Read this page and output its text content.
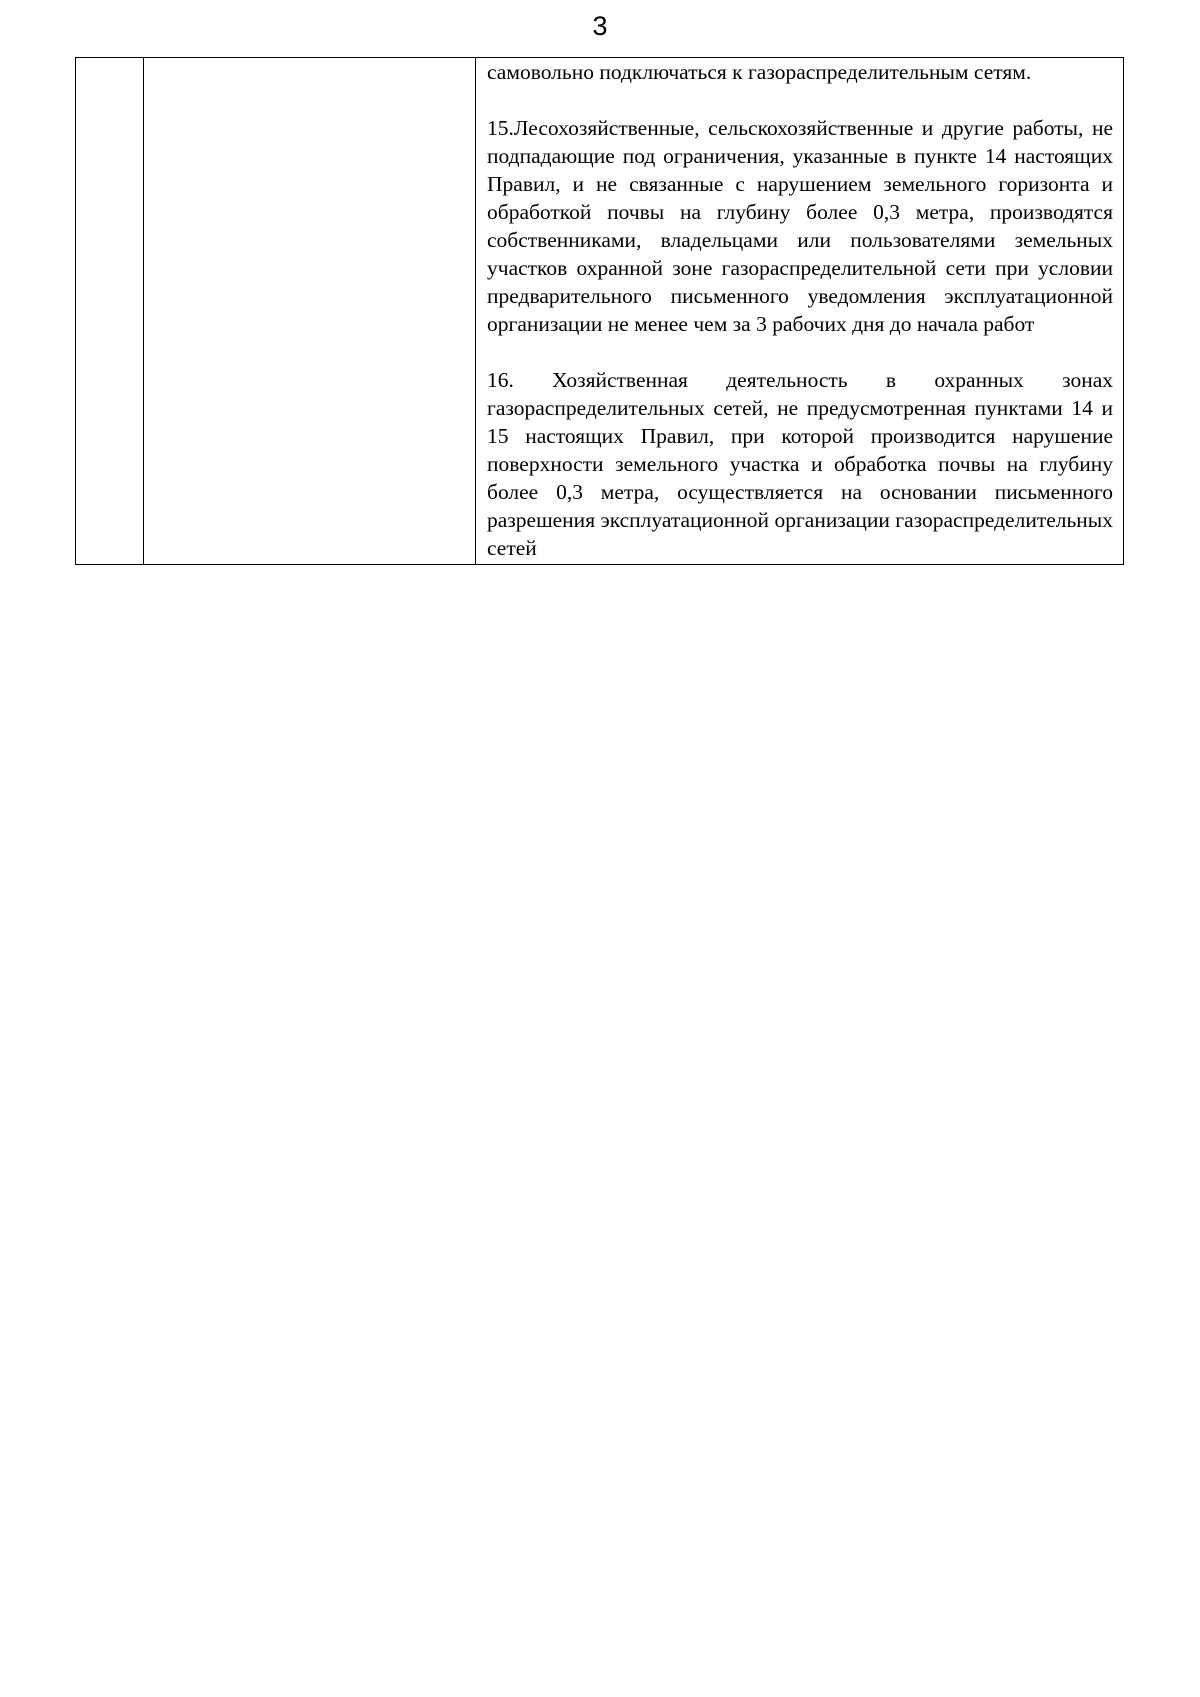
3

самовольно подключаться к газораспределительным сетям.

15.Лесохозяйственные, сельскохозяйственные и другие работы, не подпадающие под ограничения, указанные в пункте 14 настоящих Правил, и не связанные с нарушением земельного горизонта и обработкой почвы на глубину более 0,3 метра, производятся собственниками, владельцами или пользователями земельных участков охранной зоне газораспределительной сети при условии предварительного письменного уведомления эксплуатационной организации не менее чем за 3 рабочих дня до начала работ

16. Хозяйственная деятельность в охранных зонах газораспределительных сетей, не предусмотренная пунктами 14 и 15 настоящих Правил, при которой производится нарушение поверхности земельного участка и обработка почвы на глубину более 0,3 метра, осуществляется на основании письменного разрешения эксплуатационной организации газораспределительных сетей
